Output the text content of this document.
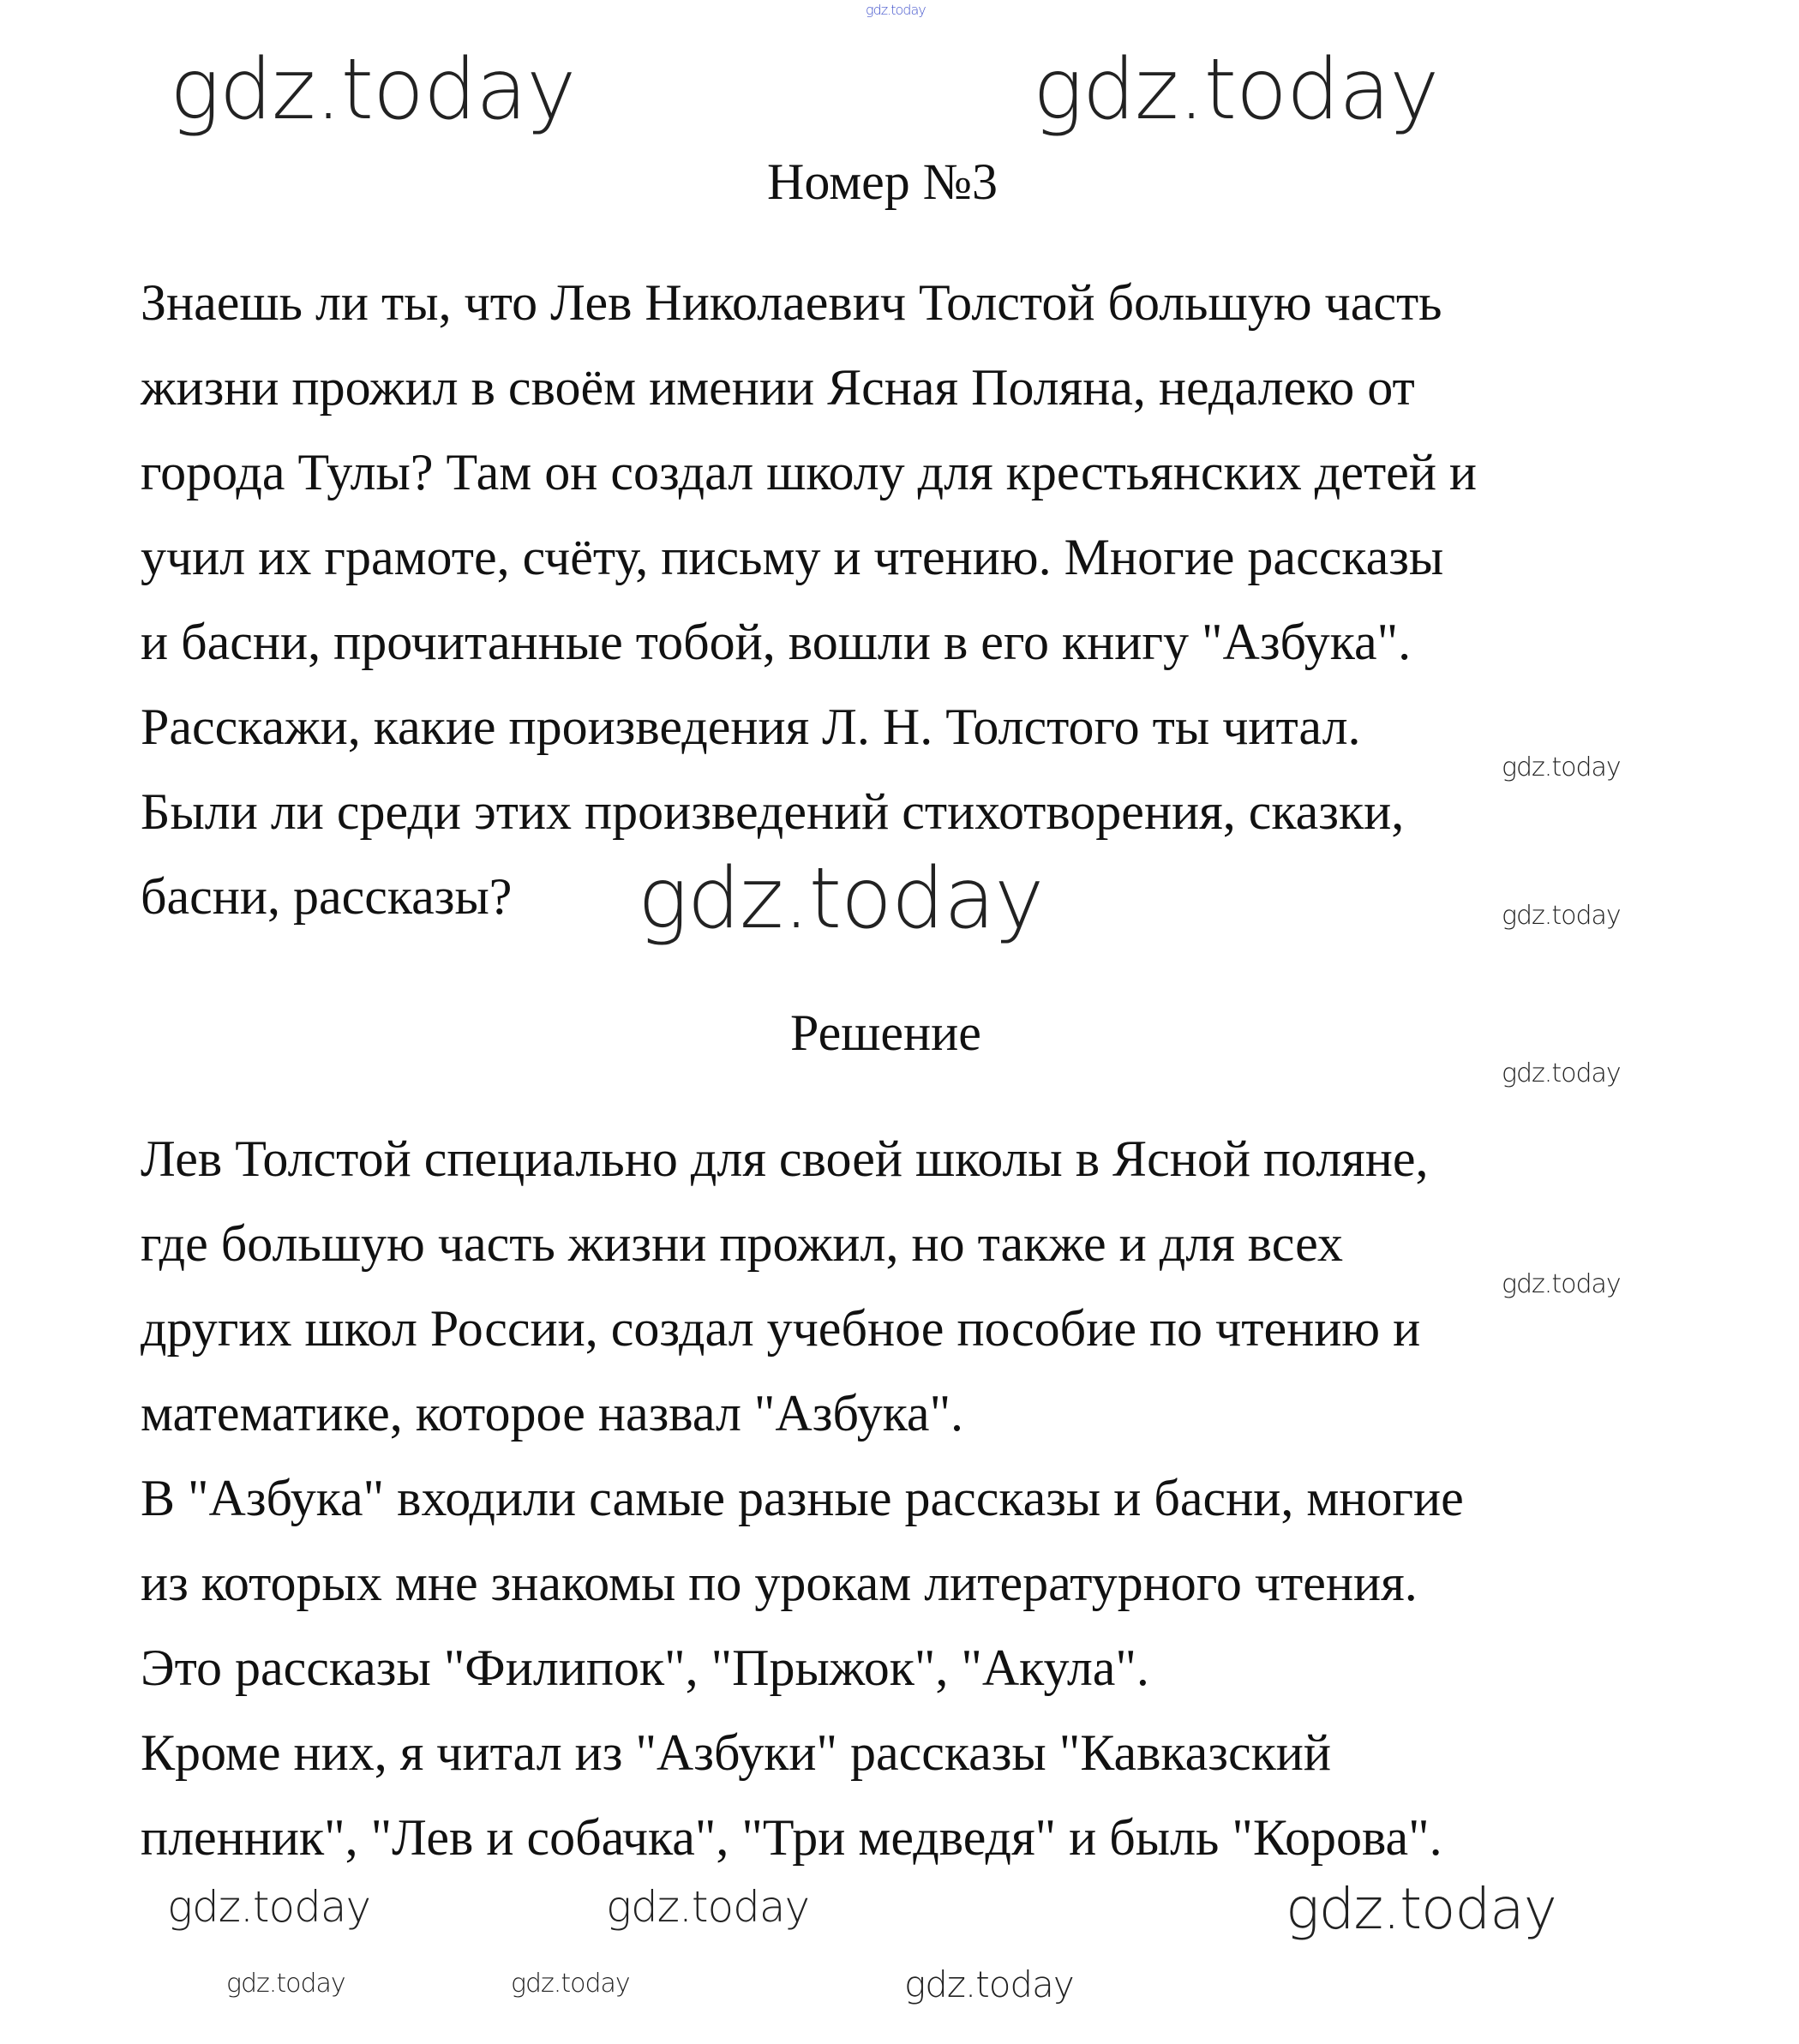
gdz.today
gdz.today	gdz.today
Номер №3
Знаешь ли ты, что Лев Николаевич Толстой большую часть
жизни прожил в своём имении Ясная Поляна, недалеко от
города Тулы? Там он создал школу для крестьянских детей и
учил их грамоте, счёту, письму и чтению. Многие рассказы
и басни, прочитанные тобой, вошли в его книгу "Азбука".
Расскажи, какие произведения Л. Н. Толстого ты читал.
Были ли среди этих произведений стихотворения, сказки,
басни, рассказы?
gdz.today
gdz.today
gdz.today
gdz.today
gdz.today
Решение
Лев Толстой специально для своей школы в Ясной поляне,
где большую часть жизни прожил, но также и для всех
других школ России, создал учебное пособие по чтению и
математике, которое назвал "Азбука".
В "Азбука" входили самые разные рассказы и басни, многие
из которых мне знакомы по урокам литературного чтения.
Это рассказы "Филипок", "Прыжок", "Акула".
Кроме них, я читал из "Азбуки" рассказы "Кавказский
пленник", "Лев и собачка", "Три медведя" и быль "Корова".
gdz.today	gdz.today	gdz.today
gdz.today	gdz.today	gdz.today
